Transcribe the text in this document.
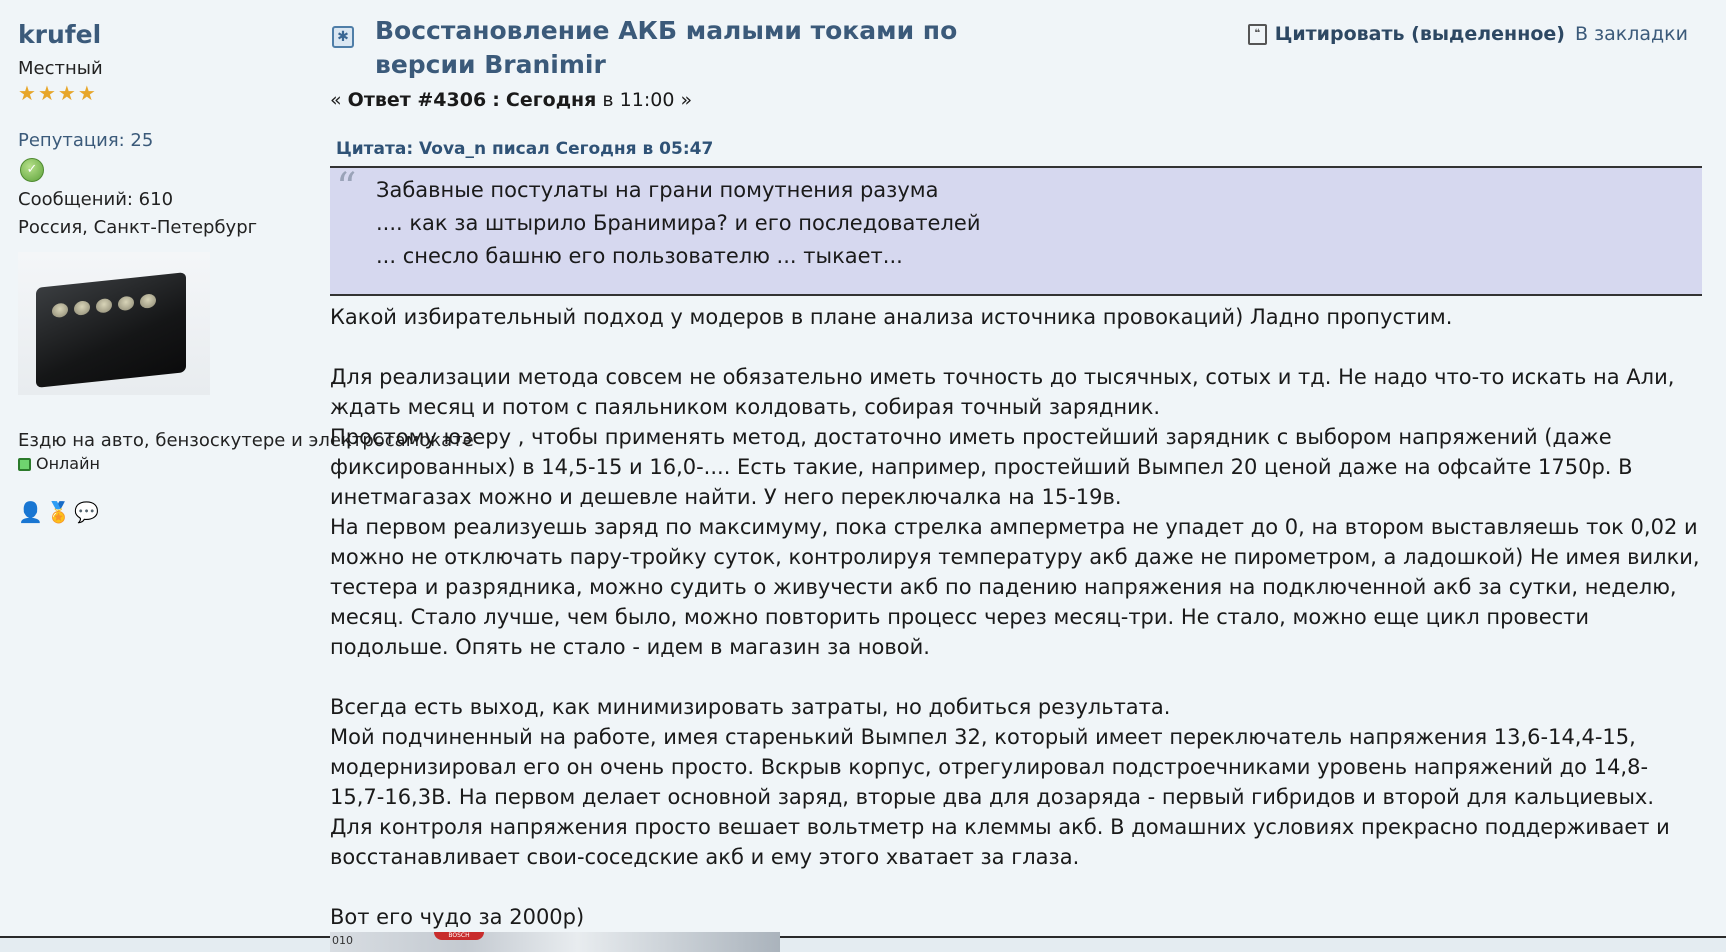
krufel
Местный
★ ★ ★ ★
Репутация: 25
✓
Сообщений: 610
Россия, Санкт-Петербург
Ездю на авто, бензоскутере и электросамокате
Онлайн
👤 🏅 💬
✱ Восстановление АКБ малыми токами по версии Branimir
❝ Цитировать (выделенное) В закладки
« Ответ #4306 : Сегодня в 11:00 »
Цитата: Vova_n писал Сегодня в 05:47
“ Забавные постулаты на грани помутнения разума
.... как за штырило Бранимира? и его последователей
... снесло башню его пользователю ... тыкает...

Какой избирательный подход у модеров в плане анализа источника провокаций) Ладно пропустим.

Для реализации метода совсем не обязательно иметь точность до тысячных, сотых и тд. Не надо что-то искать на Али, ждать месяц и потом с паяльником колдовать, собирая точный зарядник.

Простому юзеру , чтобы применять метод, достаточно иметь простейший зарядник с выбором напряжений (даже фиксированных) в 14,5-15 и 16,0-.... Есть такие, например, простейший Вымпел 20 ценой даже на офсайте 1750р. В инетмагазах можно и дешевле найти. У него переключалка на 15-19в.

На первом реализуешь заряд по максимуму, пока стрелка амперметра не упадет до 0, на втором выставляешь ток 0,02 и можно не отключать пару-тройку суток, контролируя температуру акб даже не пирометром, а ладошкой) Не имея вилки, тестера и разрядника, можно судить о живучести акб по падению напряжения на подключенной акб за сутки, неделю, месяц. Стало лучше, чем было, можно повторить процесс через месяц-три. Не стало, можно еще цикл провести подольше. Опять не стало - идем в магазин за новой.

Всегда есть выход, как минимизировать затраты, но добиться результата.

Мой подчиненный на работе, имея старенький Вымпел 32, который имеет переключатель напряжения 13,6-14,4-15, модернизировал его он очень просто. Вскрыв корпус, отрегулировал подстроечниками уровень напряжений до 14,8-15,7-16,3В. На первом делает основной заряд, вторые два для дозаряда - первый гибридов и второй для кальциевых. Для контроля напряжения просто вешает вольтметр на клеммы акб. В домашних условиях прекрасно поддерживает и восстанавливает свои-соседские акб и ему этого хватает за глаза.

Вот его чудо за 2000р)

010	BOSCH
